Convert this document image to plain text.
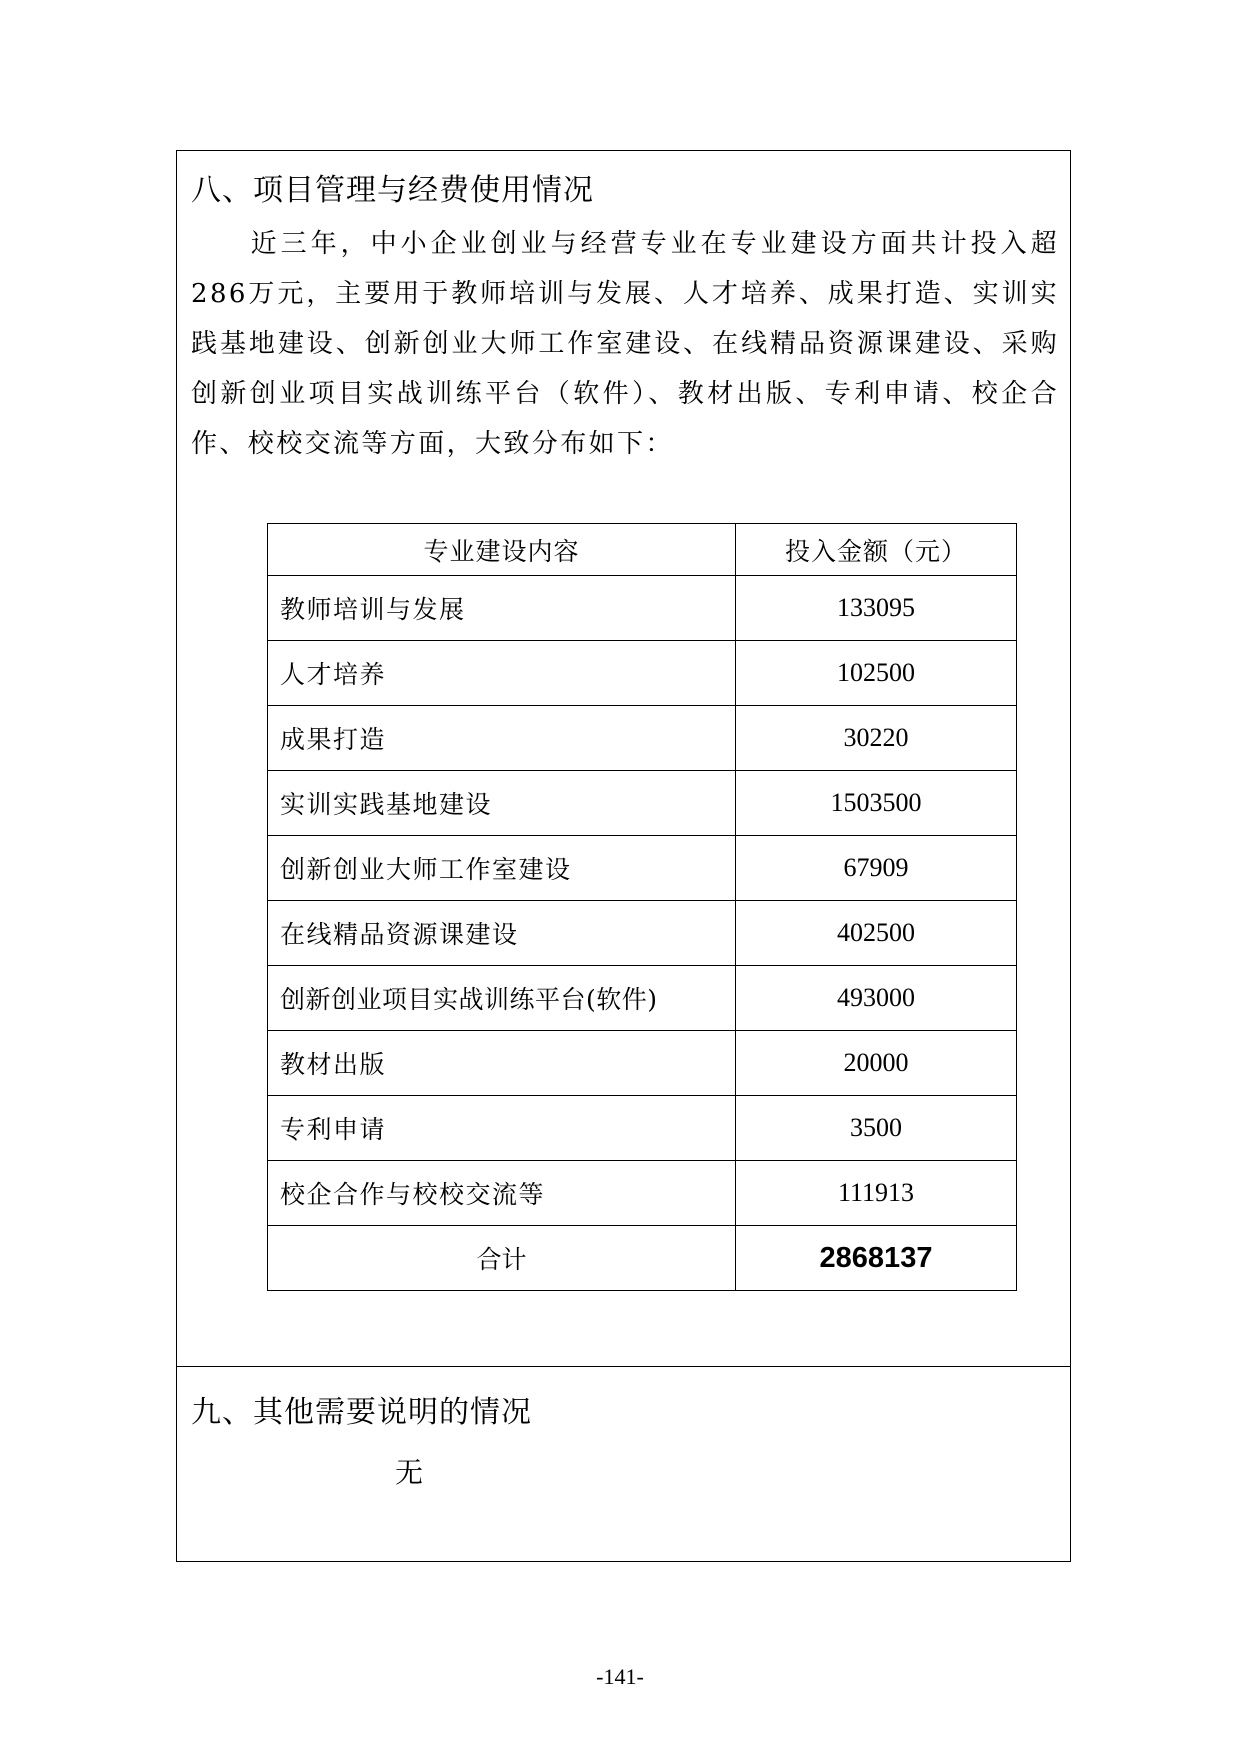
八、项目管理与经费使用情况

近三年，中小企业创业与经营专业在专业建设方面共计投入超286万元，主要用于教师培训与发展、人才培养、成果打造、实训实践基地建设、创新创业大师工作室建设、在线精品资源课建设、采购创新创业项目实战训练平台（软件）、教材出版、专利申请、校企合作、校校交流等方面，大致分布如下：

专业建设内容	投入金额（元）
教师培训与发展	133095
人才培养	102500
成果打造	30220
实训实践基地建设	1503500
创新创业大师工作室建设	67909
在线精品资源课建设	402500
创新创业项目实战训练平台(软件)	493000
教材出版	20000
专利申请	3500
校企合作与校校交流等	111913
合计	2868137
九、其他需要说明的情况
无
-141-
